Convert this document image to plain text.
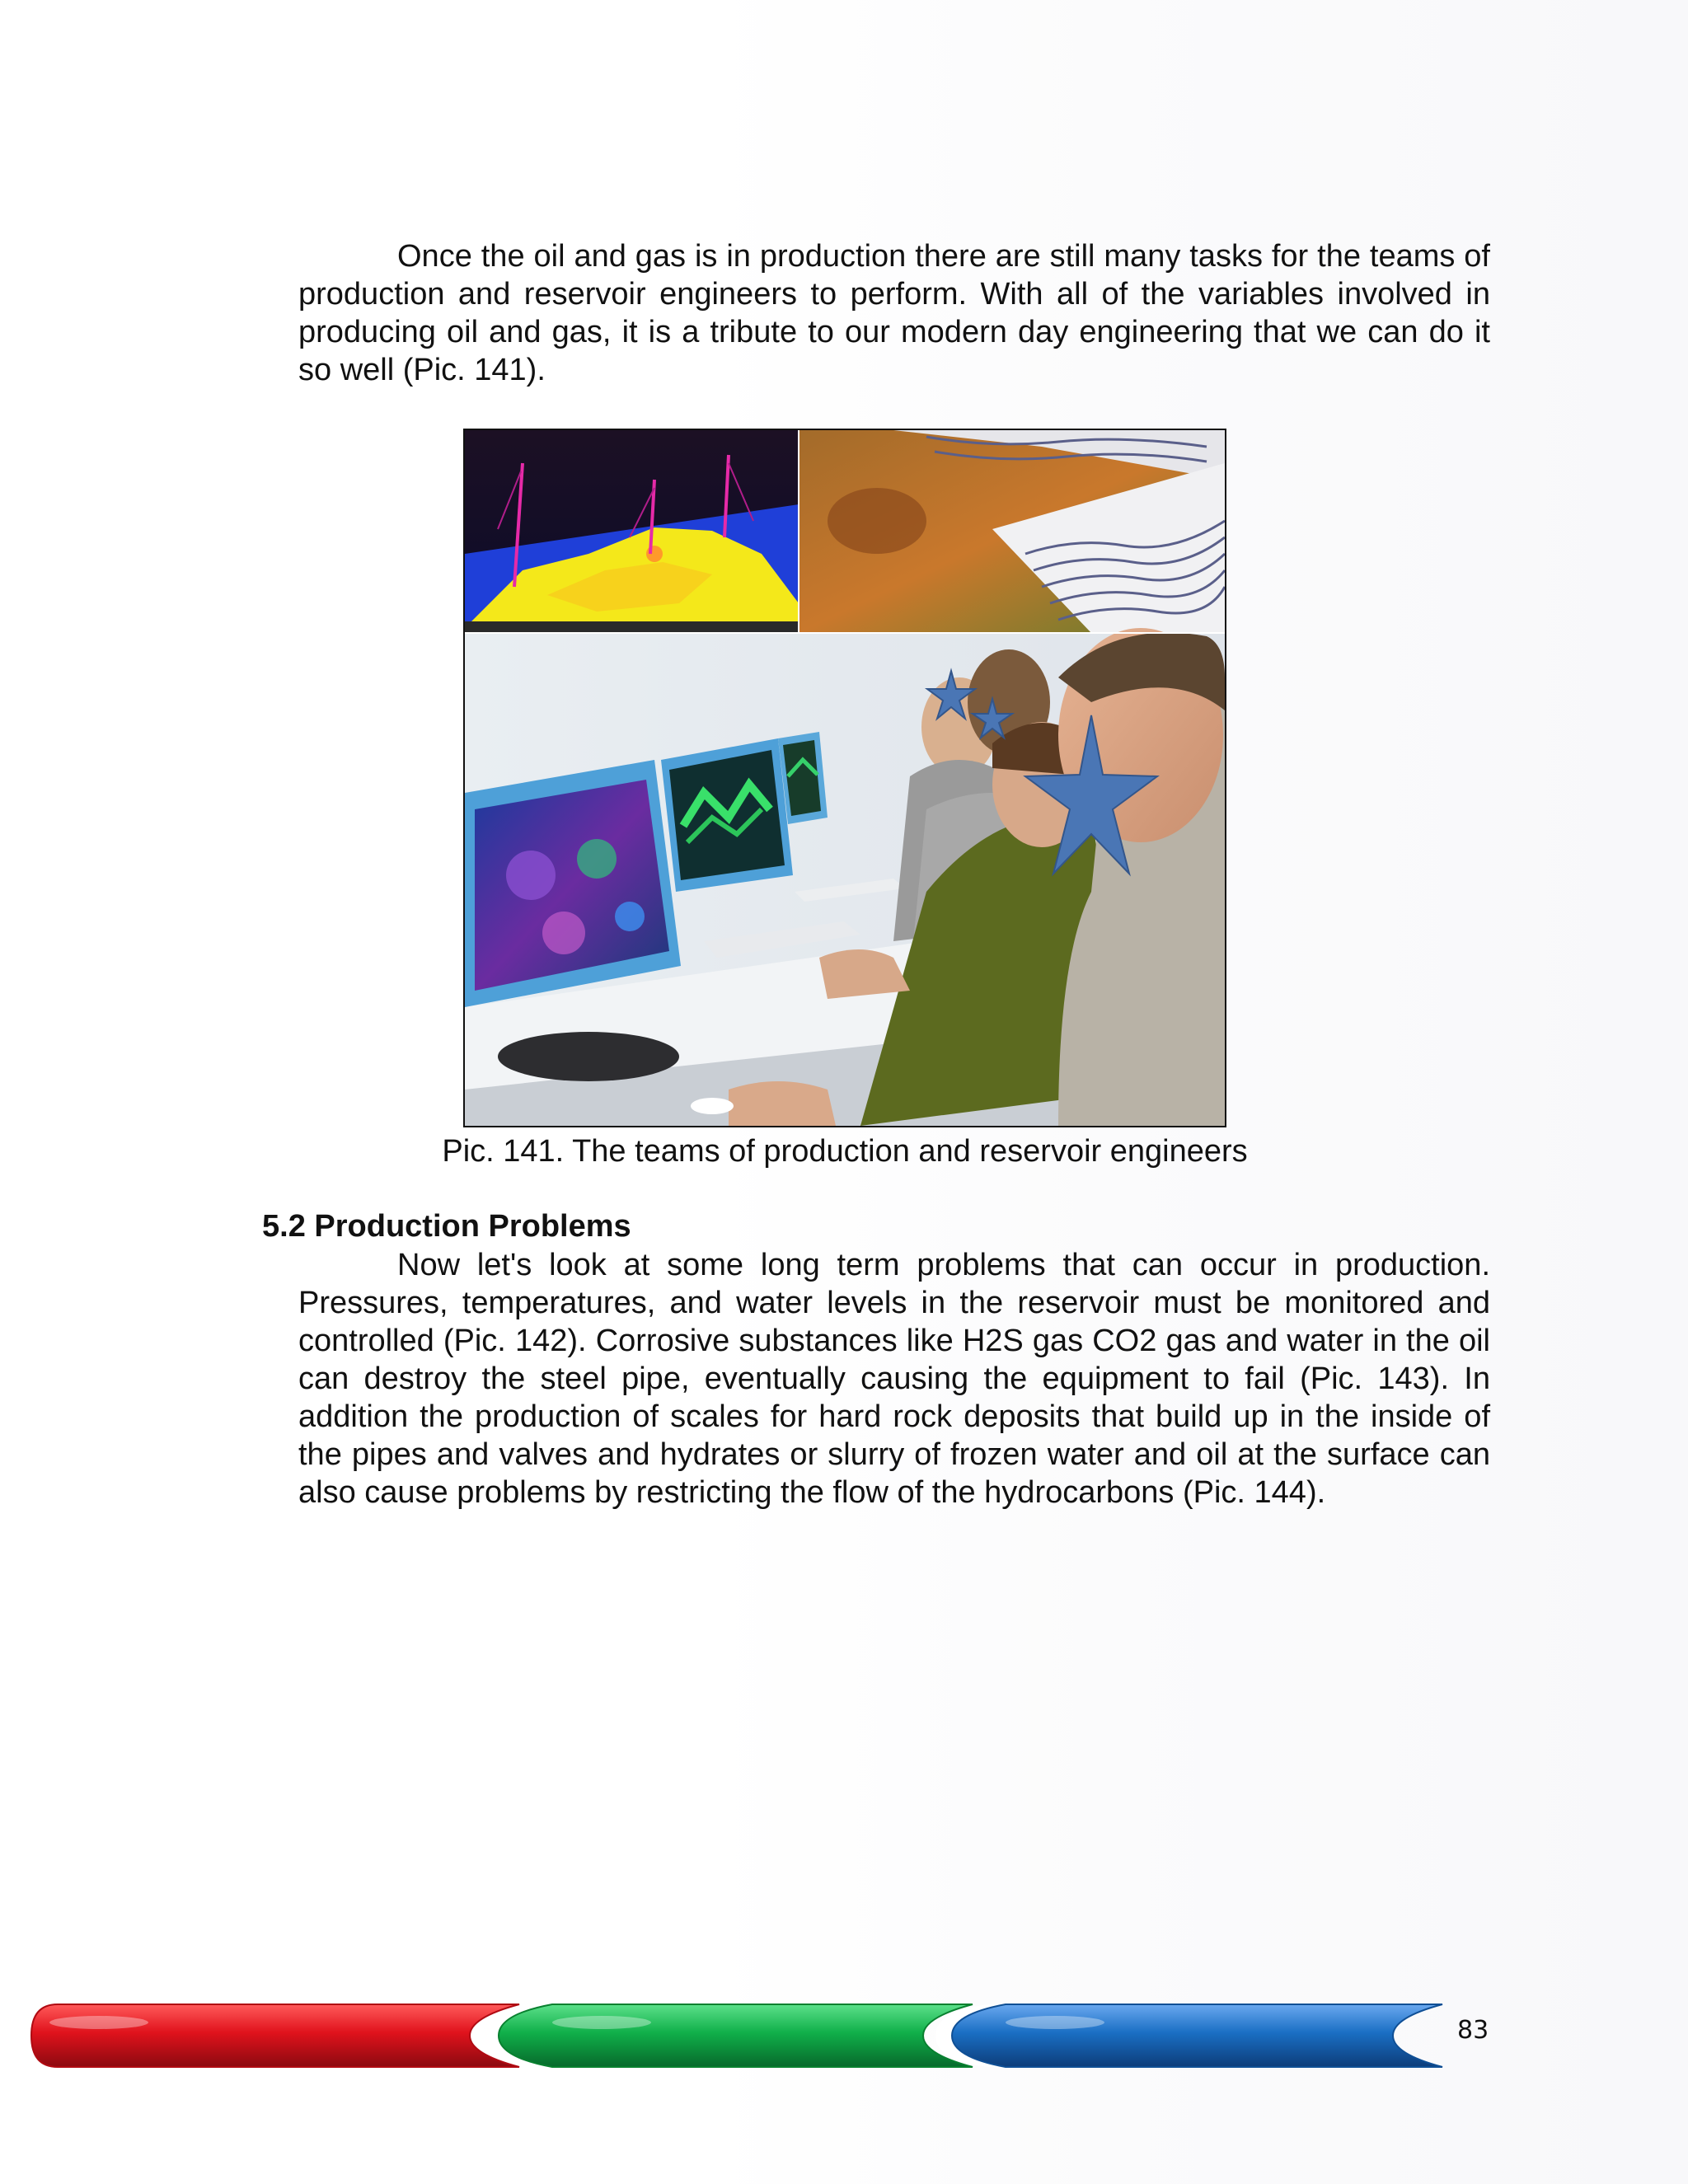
Once the oil and gas is in production there are still many tasks for the teams of production and reservoir engineers to perform. With all of the variables involved in producing oil and gas, it is a tribute to our modern day engineering that we can do it so well (Pic. 141).

Pic. 141. The teams of production and reservoir engineers
5.2 Production Problems

Now let's look at some long term problems that can occur in production. Pressures, temperatures, and water levels in the reservoir must be monitored and controlled (Pic. 142). Corrosive substances like H2S gas CO2 gas and water in the oil can destroy the steel pipe, eventually causing the equipment to fail (Pic. 143). In addition the production of scales for hard rock deposits that build up in the inside of the pipes and valves and hydrates or slurry of frozen water and oil at the surface can also cause problems by restricting the flow of the hydrocarbons (Pic. 144).

83
